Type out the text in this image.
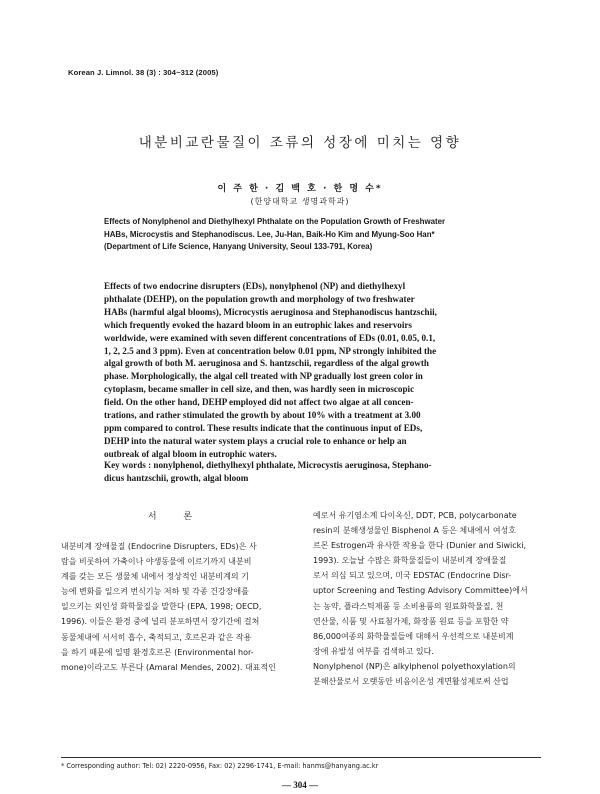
Korean J. Limnol. 38 (3) : 304~312 (2005)
내분비교란물질이 조류의 성장에 미치는 영향
이 주 한 · 김 백 호 · 한 명 수*
(한양대학교 생명과학과)

Effects of Nonylphenol and Diethylhexyl Phthalate on the Population Growth of Freshwater

HABs, Microcystis and Stephanodiscus. Lee, Ju-Han, Baik-Ho Kim and Myung-Soo Han*

(Department of Life Science, Hanyang University, Seoul 133-791, Korea)

Effects of two endocrine disrupters (EDs), nonylphenol (NP) and diethylhexyl

phthalate (DEHP), on the population growth and morphology of two freshwater

HABs (harmful algal blooms), Microcystis aeruginosa and Stephanodiscus hantzschii,

which frequently evoked the hazard bloom in an eutrophic lakes and reservoirs

worldwide, were examined with seven different concentrations of EDs (0.01, 0.05, 0.1,

1, 2, 2.5 and 3 ppm). Even at concentration below 0.01 ppm, NP strongly inhibited the

algal growth of both M. aeruginosa and S. hantzschii, regardless of the algal growth

phase. Morphologically, the algal cell treated with NP gradually lost green color in

cytoplasm, became smaller in cell size, and then, was hardly seen in microscopic

field. On the other hand, DEHP employed did not affect two algae at all concen-

trations, and rather stimulated the growth by about 10% with a treatment at 3.00

ppm compared to control. These results indicate that the continuous input of EDs,

DEHP into the natural water system plays a crucial role to enhance or help an

outbreak of algal bloom in eutrophic waters.

Key words : nonylphenol, diethylhexyl phthalate, Microcystis aeruginosa, Stephano-

dicus hantzschii, growth, algal bloom

서 론

내분비계 장애물질 (Endocrine Disrupters, EDs)은 사

람을 비롯하여 가축이나 야생동물에 이르기까지 내분비

계를 갖는 모든 생물체 내에서 정상적인 내분비계의 기

능에 변화를 일으켜 번식기능 저하 및 각종 건강장애를

일으키는 외인성 화학물질을 말한다 (EPA, 1998; OECD,

1996). 이들은 환경 중에 널리 분포하면서 장기간에 걸쳐

동물체내에 서서히 흡수, 축적되고, 호르몬과 같은 작용

을 하기 때문에 일명 환경호르몬 (Environmental hor-

mone)이라고도 부른다 (Amaral Mendes, 2002). 대표적인

예로서 유기염소계 다이옥신, DDT, PCB, polycarbonate

resin의 분해생성물인 Bisphenol A 등은 체내에서 여성호

르몬 Estrogen과 유사한 작용을 한다 (Dunier and Siwicki,

1993). 오늘날 수많은 화학물질들이 내분비계 장애물질

로서 의심 되고 있으며, 미국 EDSTAC (Endocrine Disr-

uptor Screening and Testing Advisory Committee)에서

는 농약, 플라스틱제품 등 소비용품의 원료화학물질, 천

연산물, 식품 및 사료첨가제, 화장품 원료 등을 포함한 약

86,000여종의 화학물질들에 대해서 우선적으로 내분비계

장애 유발성 여부를 검색하고 있다.

Nonylphenol (NP)은 alkylphenol polyethoxylation의

분해산물로서 오랫동안 비음이온성 계면활성제로써 산업

* Corresponding author: Tel: 02) 2220-0956, Fax: 02) 2296-1741, E-mail: hanms@hanyang.ac.kr
— 304 —
